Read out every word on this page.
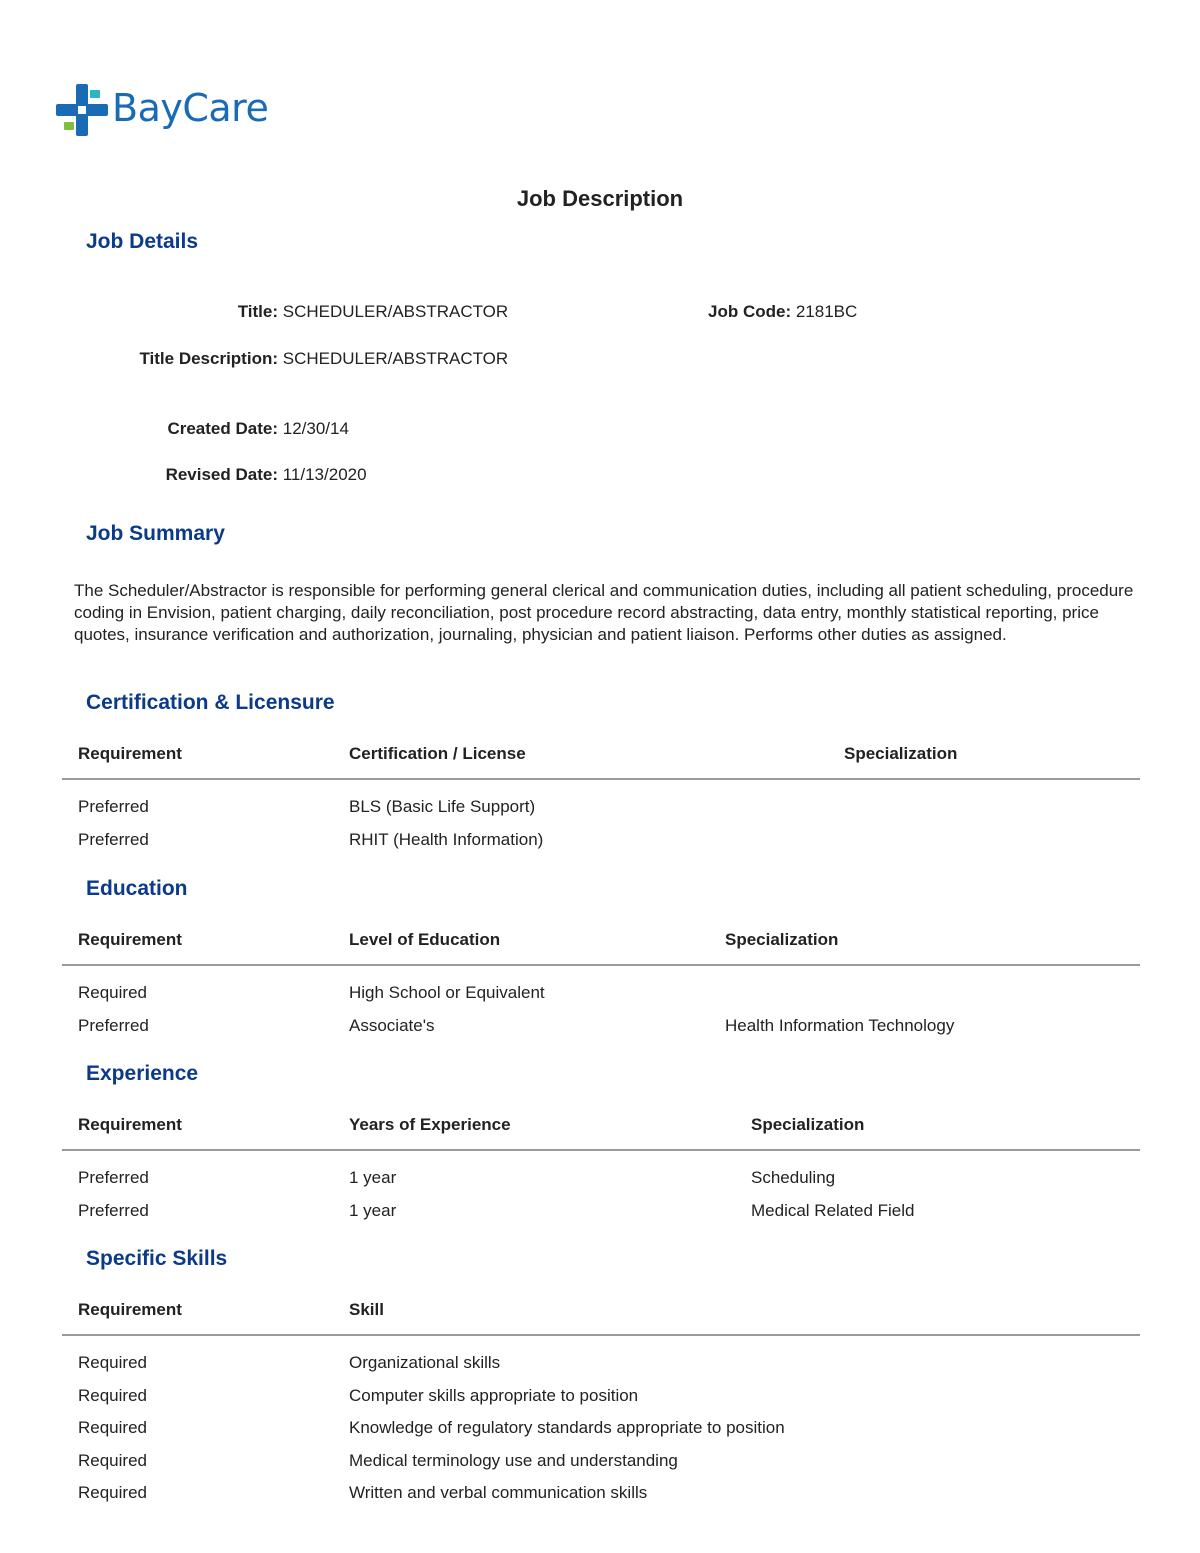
BayCare
Job Description
Job Details
Title: SCHEDULER/ABSTRACTOR	Job Code: 2181BC
Title Description: SCHEDULER/ABSTRACTOR
Created Date: 12/30/14
Revised Date: 11/13/2020
Job Summary
The Scheduler/Abstractor is responsible for performing general clerical and communication duties, including all patient scheduling, procedure coding in Envision, patient charging, daily reconciliation, post procedure record abstracting, data entry, monthly statistical reporting, price quotes, insurance verification and authorization, journaling, physician and patient liaison. Performs other duties as assigned.
Certification & Licensure
Requirement	Certification / License	Specialization
Preferred	BLS (Basic Life Support)
Preferred	RHIT (Health Information)
Education
Requirement	Level of Education	Specialization
Required	High School or Equivalent
Preferred	Associate's	Health Information Technology
Experience
Requirement	Years of Experience	Specialization
Preferred	1 year	Scheduling
Preferred	1 year	Medical Related Field
Specific Skills
Requirement	Skill
Required	Organizational skills
Required	Computer skills appropriate to position
Required	Knowledge of regulatory standards appropriate to position
Required	Medical terminology use and understanding
Required	Written and verbal communication skills
